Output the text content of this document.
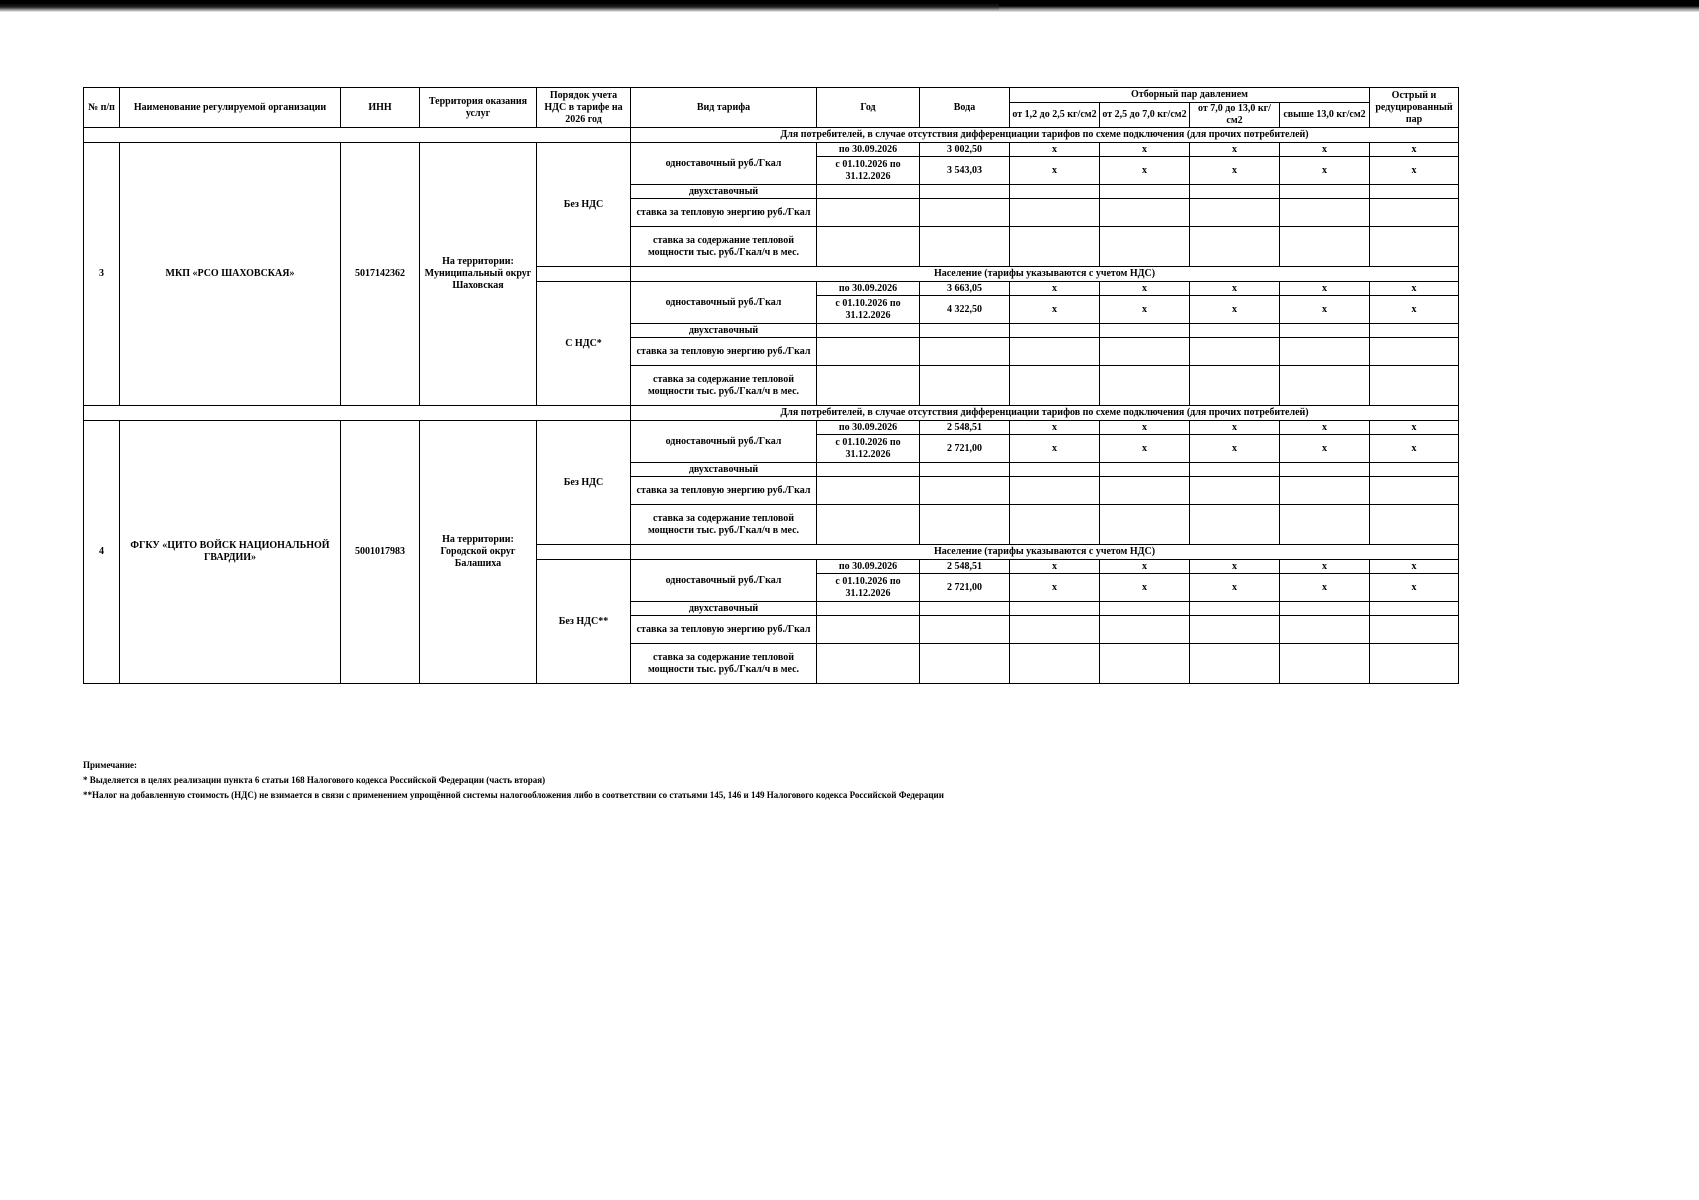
№ п/п	Наименование регулируемой организации	ИНН	Территория оказания услуг	Порядок учета НДС в тарифе на 2026 год	Вид тарифа	Год	Вода	Отборный пар давлением				Острый и редуцированный пар
								от 1,2 до 2,5 кг/см2	от 2,5 до 7,0 кг/см2	от 7,0 до 13,0 кг/см2	свыше 13,0 кг/см2	

					Для потребителей, в случае отсутствия дифференциации тарифов по схеме подключения (для прочих потребителей)							
3	МКП «РСО ШАХОВСКАЯ»	5017142362	На территории: Муниципальный округ Шаховская	Без НДС	одноставочный руб./Гкал	по 30.09.2026	3 002,50	х	х	х	х	х
						с 01.10.2026 по 31.12.2026	3 543,03	х	х	х	х	х
					двухставочный							
					ставка за тепловую энергию руб./Гкал							
					ставка за содержание тепловой мощности тыс. руб./Гкал/ч в мес.							
					Население (тарифы указываются с учетом НДС)							
				С НДС*	одноставочный руб./Гкал	по 30.09.2026	3 663,05	х	х	х	х	х
						с 01.10.2026 по 31.12.2026	4 322,50	х	х	х	х	х
					двухставочный							
					ставка за тепловую энергию руб./Гкал							
					ставка за содержание тепловой мощности тыс. руб./Гкал/ч в мес.							
					Для потребителей, в случае отсутствия дифференциации тарифов по схеме подключения (для прочих потребителей)							
4	ФГКУ «ЦИТО ВОЙСК НАЦИОНАЛЬНОЙ ГВАРДИИ»	5001017983	На территории: Городской округ Балашиха	Без НДС	одноставочный руб./Гкал	по 30.09.2026	2 548,51	х	х	х	х	х
						с 01.10.2026 по 31.12.2026	2 721,00	х	х	х	х	х
					двухставочный							
					ставка за тепловую энергию руб./Гкал							
					ставка за содержание тепловой мощности тыс. руб./Гкал/ч в мес.							
					Население (тарифы указываются с учетом НДС)							
				Без НДС**	одноставочный руб./Гкал	по 30.09.2026	2 548,51	х	х	х	х	х
						с 01.10.2026 по 31.12.2026	2 721,00	х	х	х	х	х
					двухставочный							
					ставка за тепловую энергию руб./Гкал							
					ставка за содержание тепловой мощности тыс. руб./Гкал/ч в мес.							
Примечание:
* Выделяется в целях реализации пункта 6 статьи 168 Налогового кодекса Российской Федерации (часть вторая)
**Налог на добавленную стоимость (НДС) не взимается в связи с применением упрощённой системы налогообложения либо в соответствии со статьями 145, 146 и 149 Налогового кодекса Российской Федерации
